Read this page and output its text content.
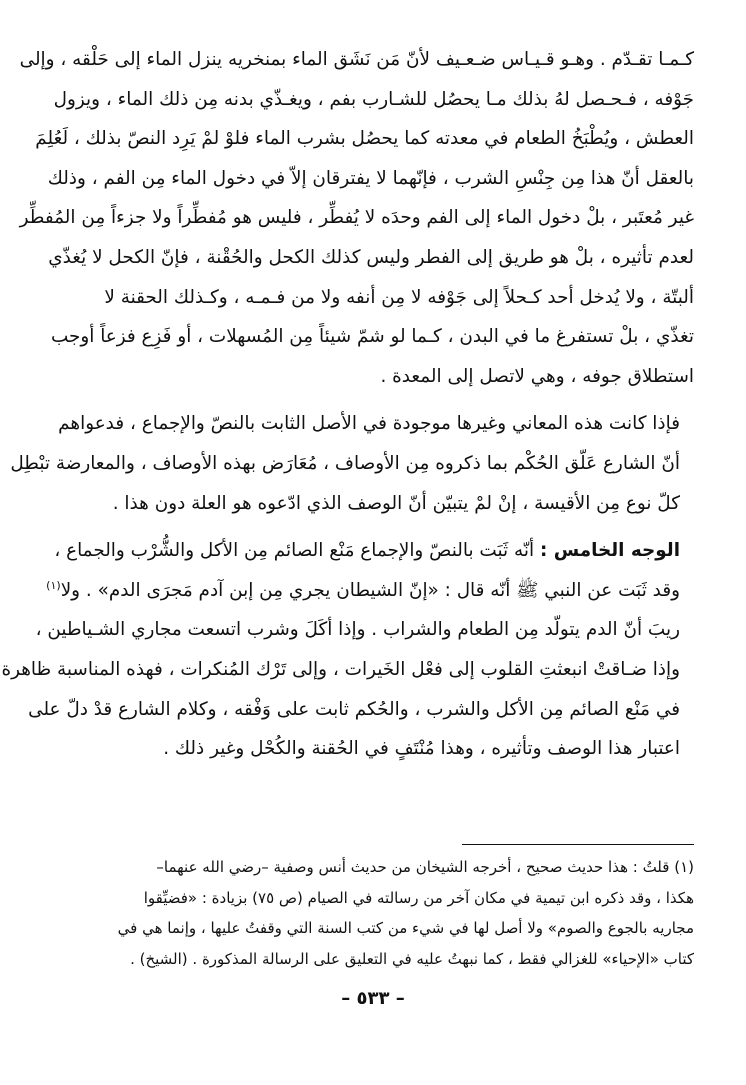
كـمـا تقـدّم . وهـو قـيـاس ضـعـيف لأنّ مَن نَشَق الماء بمنخريه ينزل الماء إلى حَلْقه ، وإلى
جَوْفه ، فـحـصل لهُ بذلك مـا يحصُل للشـارب بفم ، ويغـذّي بدنه مِن ذلك الماء ، ويزول
العطش ، ويُطْبَخُ الطعام في معدته كما يحصُل بشرب الماء فلوْ لمْ يَرِد النصّ بذلك ، لَعُلِمَ
بالعقل أنّ هذا مِن جِنْسِ الشرب ، فإنّهما لا يفترقان إلاّ في دخول الماء مِن الفم ، وذلك
غير مُعتَبر ، بلْ دخول الماء إلى الفم وحدَه لا يُفطِّر ، فليس هو مُفطِّراً ولا جزءاً مِن المُفطِّر
لعدم تأثيره ، بلْ هو طريق إلى الفطر وليس كذلك الكحل والحُقْنة ، فإنّ الكحل لا يُغذّي
ألبتّة ، ولا يُدخل أحد كـحلاً إلى جَوْفه لا مِن أنفه ولا من فـمـه ، وكـذلك الحقنة لا
تغذّي ، بلْ تستفرغ ما في البدن ، كـما لو شمّ شيئاً مِن المُسهلات ، أو فَزِع فزعاً أوجب
استطلاق جوفه ، وهي لاتصل إلى المعدة .

فإذا كانت هذه المعاني وغيرها موجودة في الأصل الثابت بالنصّ والإجماع ، فدعواهم
أنّ الشارع عَلّق الحُكْم بما ذكروه مِن الأوصاف ، مُعَارَض بهذه الأوصاف ، والمعارضة تبْطِل
كلّ نوع مِن الأقيسة ، إنْ لمْ يتبيّن أنّ الوصف الذي ادّعوه هو العلة دون هذا .

الوجه الخامس : أنّه ثَبَت بالنصّ والإجماع مَنْع الصائم مِن الأكل والشُّرْب والجماع ،
وقد ثَبَت عن النبي ﷺ أنّه قال : «إنّ الشيطان يجري مِن إبن آدم مَجرَى الدم» . ولا$^{(١)}$
ريبَ أنّ الدم يتولّد مِن الطعام والشراب . وإذا أكَلَ وشرب اتسعت مجاري الشـياطين ،
وإذا ضـاقتْ انبعثتِ القلوب إلى فعْل الخَيرات ، وإلى تَرْك المُنكرات ، فهذه المناسبة ظاهرة
في مَنْع الصائم مِن الأكل والشرب ، والحُكم ثابت على وَفْقه ، وكلام الشارع قدْ دلّ على
اعتبار هذا الوصف وتأثيره ، وهذا مُنْتَفٍ في الحُقنة والكُحْل وغير ذلك .

(١) قلتُ : هذا حديث صحيح ، أخرجه الشيخان من حديث أنس وصفية –رضي الله عنهما–
هكذا ، وقد ذكره ابن تيمية في مكان آخر من رسالته في الصيام (ص ٧٥) بزيادة : «فضيِّقوا
مجاريه بالجوع والصوم» ولا أصل لها في شيء من كتب السنة التي وقفتُ عليها ، وإنما هي في
كتاب «الإحياء» للغزالي فقط ، كما نبهتُ عليه في التعليق على الرسالة المذكورة . (الشيخ) .
– ٥٣٣ –
